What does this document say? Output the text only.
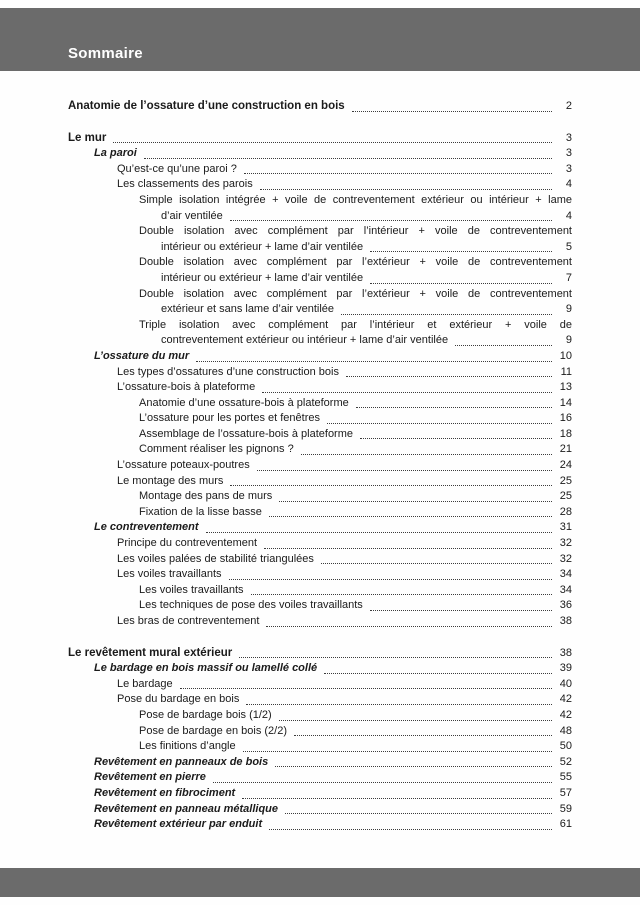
Sommaire
Anatomie de l’ossature d’une construction en bois	2
Le mur	3
La paroi	3
Qu’est-ce qu’une paroi ?	3
Les classements des parois	4
Simple isolation intégrée + voile de contreventement extérieur ou intérieur + lame
d’air ventilée	4
Double isolation avec complément par l’intérieur + voile de contreventement
intérieur ou extérieur + lame d’air ventilée	5
Double isolation avec complément par l’extérieur + voile de contreventement
intérieur ou extérieur + lame d’air ventilée	7
Double isolation avec complément par l’extérieur + voile de contreventement
extérieur et sans lame d’air ventilée	9
Triple isolation avec complément par l’intérieur et extérieur + voile de
contreventement extérieur ou intérieur + lame d’air ventilée	9
L’ossature du mur	10
Les types d’ossatures d’une construction bois	11
L’ossature-bois à plateforme	13
Anatomie d’une ossature-bois à plateforme	14
L’ossature pour les portes et fenêtres	16
Assemblage de l’ossature-bois à plateforme	18
Comment réaliser les pignons ?	21
L’ossature poteaux-poutres	24
Le montage des murs	25
Montage des pans de murs	25
Fixation de la lisse basse	28
Le contreventement	31
Principe du contreventement	32
Les voiles palées de stabilité triangulées	32
Les voiles travaillants	34
Les voiles travaillants	34
Les techniques de pose des voiles travaillants	36
Les bras de contreventement	38
Le revêtement mural extérieur	38
Le bardage en bois massif ou lamellé collé	39
Le bardage	40
Pose du bardage en bois	42
Pose de bardage bois (1/2)	42
Pose de bardage en bois (2/2)	48
Les finitions d’angle	50
Revêtement en panneaux de bois	52
Revêtement en pierre	55
Revêtement en fibrociment	57
Revêtement en panneau métallique	59
Revêtement extérieur par enduit	61
